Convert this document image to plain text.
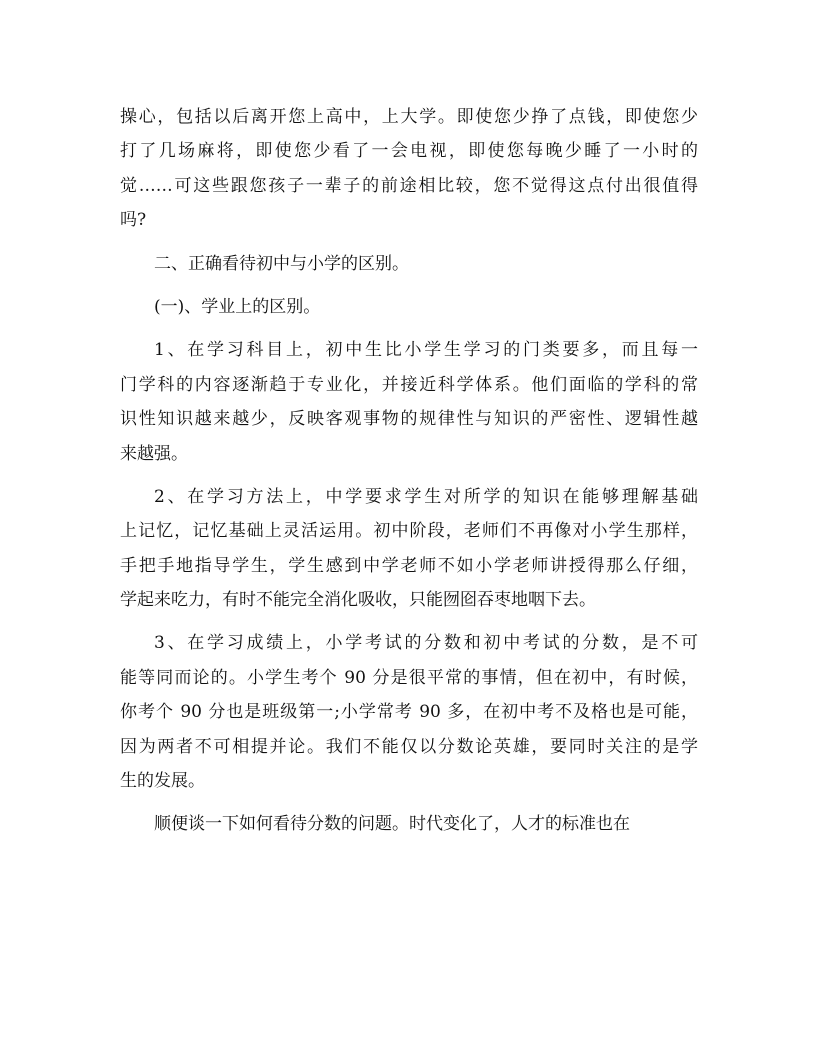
操心，包括以后离开您上高中，上大学。即使您少挣了点钱，即使您少
打了几场麻将，即使您少看了一会电视，即使您每晚少睡了一小时的
觉……可这些跟您孩子一辈子的前途相比较，您不觉得这点付出很值得
吗?
二、正确看待初中与小学的区别。
(一)、学业上的区别。
1、在学习科目上，初中生比小学生学习的门类要多，而且每一
门学科的内容逐渐趋于专业化，并接近科学体系。他们面临的学科的常
识性知识越来越少，反映客观事物的规律性与知识的严密性、逻辑性越
来越强。
2、在学习方法上，中学要求学生对所学的知识在能够理解基础
上记忆，记忆基础上灵活运用。初中阶段，老师们不再像对小学生那样，
手把手地指导学生，学生感到中学老师不如小学老师讲授得那么仔细，
学起来吃力，有时不能完全消化吸收，只能囫囵吞枣地咽下去。
3、在学习成绩上，小学考试的分数和初中考试的分数，是不可
能等同而论的。小学生考个 90 分是很平常的事情，但在初中，有时候，
你考个 90 分也是班级第一;小学常考 90 多，在初中考不及格也是可能，
因为两者不可相提并论。我们不能仅以分数论英雄，要同时关注的是学
生的发展。
顺便谈一下如何看待分数的问题。时代变化了，人才的标准也在
